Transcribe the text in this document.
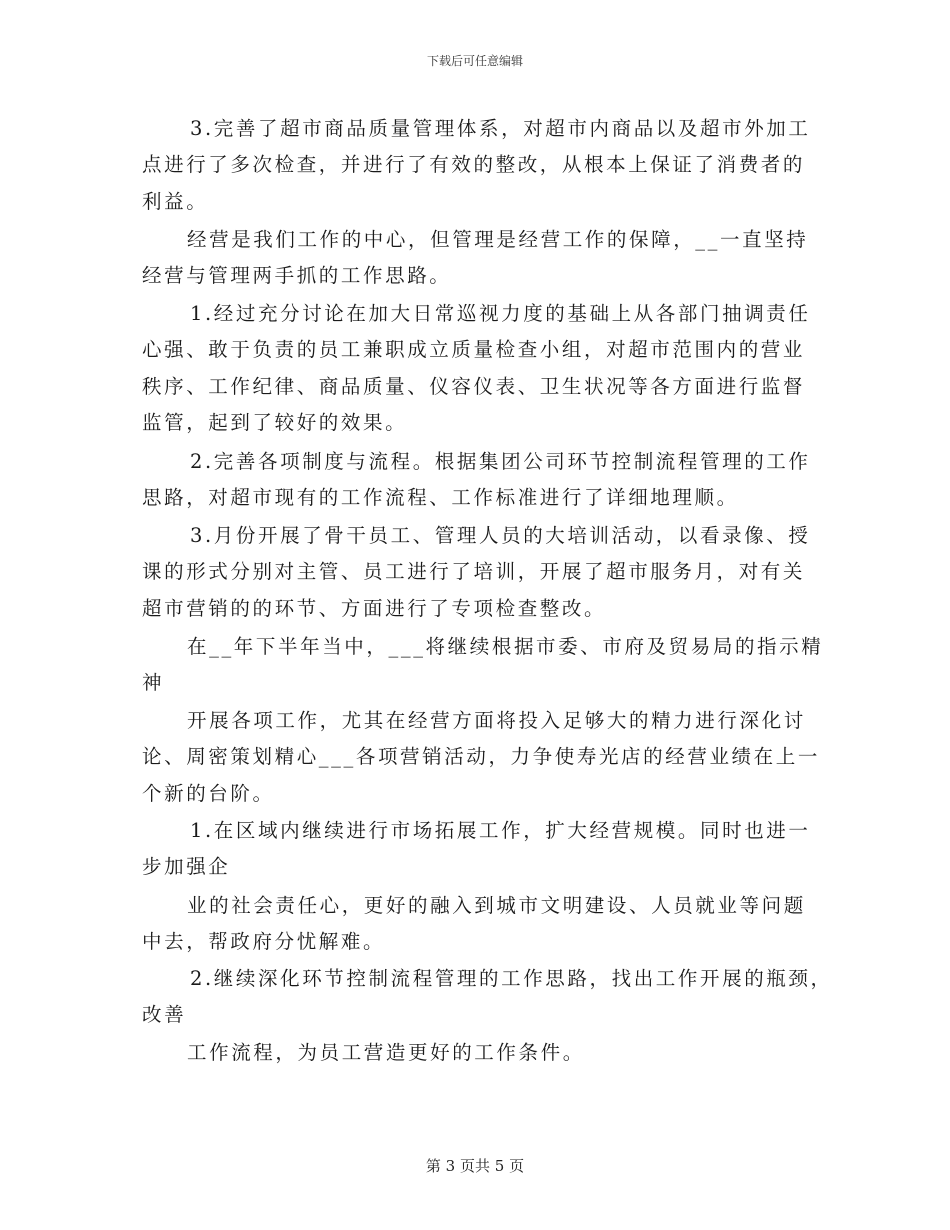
下载后可任意编辑
3.完善了超市商品质量管理体系，对超市内商品以及超市外加工
点进行了多次检查，并进行了有效的整改，从根本上保证了消费者的
利益。
经营是我们工作的中心，但管理是经营工作的保障，__一直坚持
经营与管理两手抓的工作思路。
1.经过充分讨论在加大日常巡视力度的基础上从各部门抽调责任
心强、敢于负责的员工兼职成立质量检查小组，对超市范围内的营业
秩序、工作纪律、商品质量、仪容仪表、卫生状况等各方面进行监督
监管，起到了较好的效果。
2.完善各项制度与流程。根据集团公司环节控制流程管理的工作
思路，对超市现有的工作流程、工作标准进行了详细地理顺。
3.月份开展了骨干员工、管理人员的大培训活动，以看录像、授
课的形式分别对主管、员工进行了培训，开展了超市服务月，对有关
超市营销的的环节、方面进行了专项检查整改。
在__年下半年当中，___将继续根据市委、市府及贸易局的指示精
神
开展各项工作，尤其在经营方面将投入足够大的精力进行深化讨
论、周密策划精心___各项营销活动，力争使寿光店的经营业绩在上一
个新的台阶。
1.在区域内继续进行市场拓展工作，扩大经营规模。同时也进一
步加强企
业的社会责任心，更好的融入到城市文明建设、人员就业等问题
中去，帮政府分忧解难。
2.继续深化环节控制流程管理的工作思路，找出工作开展的瓶颈，
改善
工作流程，为员工营造更好的工作条件。
第 3 页共 5 页
